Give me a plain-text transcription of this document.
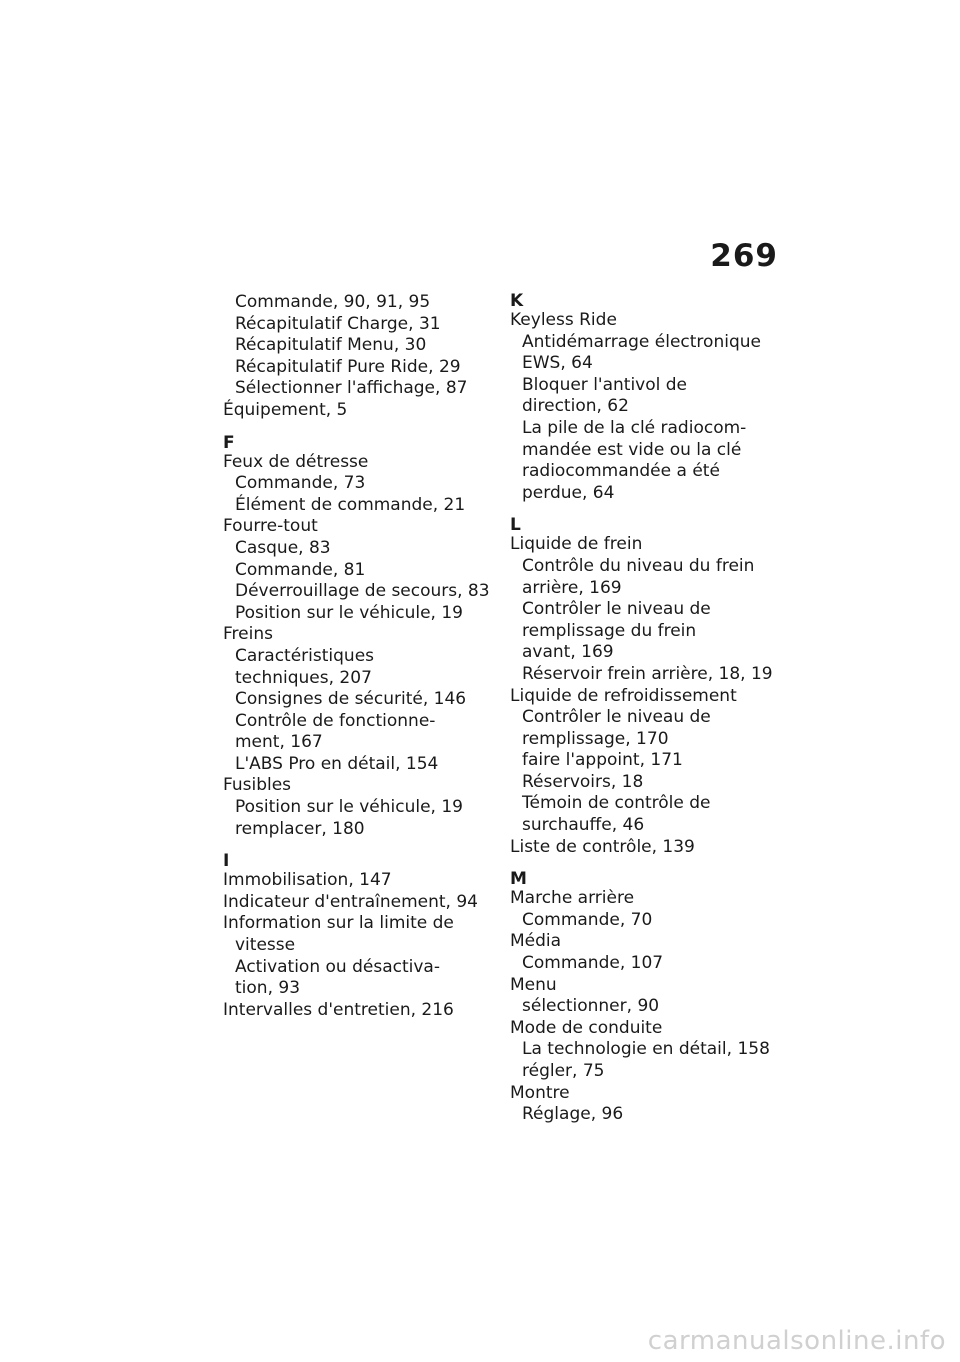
269
Commande, 90, 91, 95
Récapitulatif Charge, 31
Récapitulatif Menu, 30
Récapitulatif Pure Ride, 29
Sélectionner l'affichage, 87
Équipement, 5
F
Feux de détresse
Commande, 73
Élément de commande, 21
Fourre-tout
Casque, 83
Commande, 81
Déverrouillage de secours, 83
Position sur le véhicule, 19
Freins
Caractéristiques
techniques, 207
Consignes de sécurité, 146
Contrôle de fonctionne-
ment, 167
L'ABS Pro en détail, 154
Fusibles
Position sur le véhicule, 19
remplacer, 180
I
Immobilisation, 147
Indicateur d'entraînement, 94
Information sur la limite de
vitesse
Activation ou désactiva-
tion, 93
Intervalles d'entretien, 216
K
Keyless Ride
Antidémarrage électronique
EWS, 64
Bloquer l'antivol de
direction, 62
La pile de la clé radiocom-
mandée est vide ou la clé
radiocommandée a été
perdue, 64
L
Liquide de frein
Contrôle du niveau du frein
arrière, 169
Contrôler le niveau de
remplissage du frein
avant, 169
Réservoir frein arrière, 18, 19
Liquide de refroidissement
Contrôler le niveau de
remplissage, 170
faire l'appoint, 171
Réservoirs, 18
Témoin de contrôle de
surchauffe, 46
Liste de contrôle, 139
M
Marche arrière
Commande, 70
Média
Commande, 107
Menu
sélectionner, 90
Mode de conduite
La technologie en détail, 158
régler, 75
Montre
Réglage, 96
carmanualsonline.info
